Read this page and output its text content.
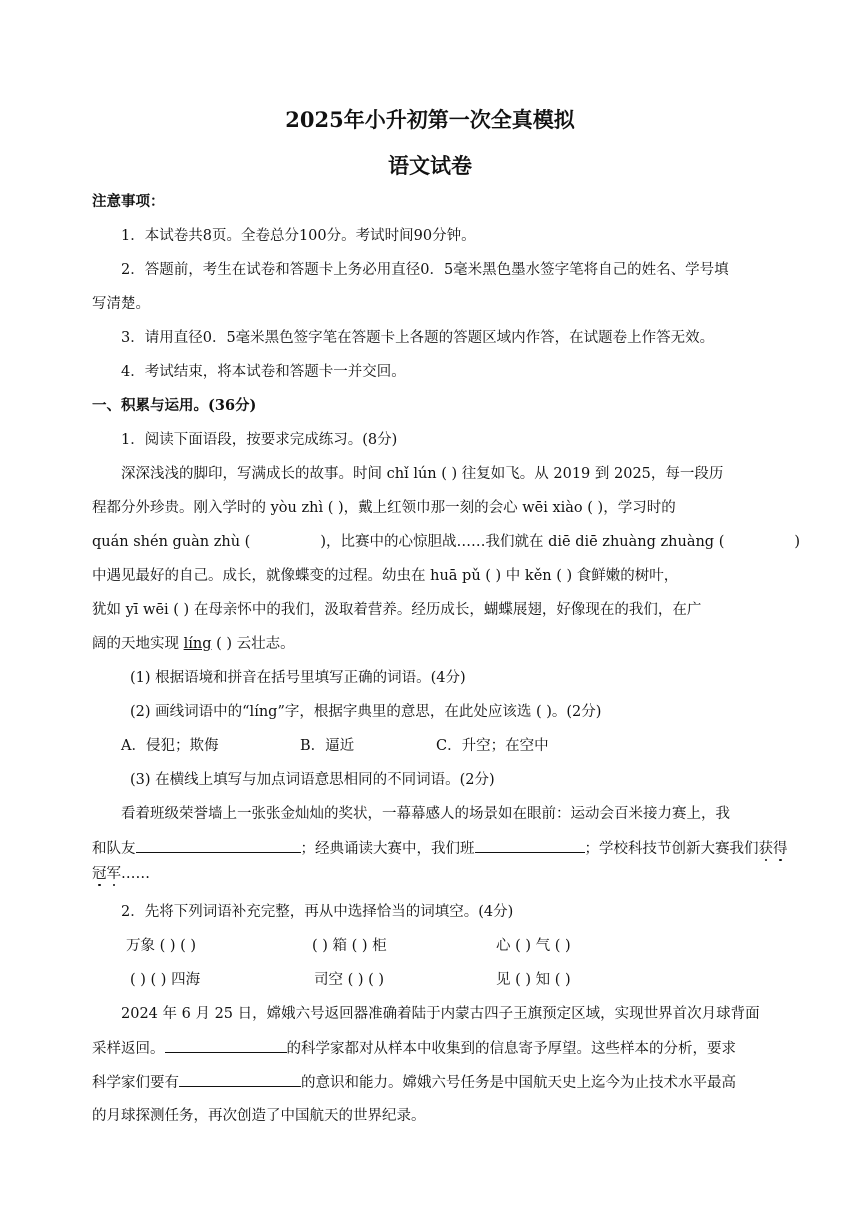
2025年小升初第一次全真模拟
语文试卷
注意事项：
1．本试卷共8页。全卷总分100分。考试时间90分钟。
2．答题前，考生在试卷和答题卡上务必用直径0．5毫米黑色墨水签字笔将自己的姓名、学号填
写清楚。
3．请用直径0．5毫米黑色签字笔在答题卡上各题的答题区域内作答，在试题卷上作答无效。
4．考试结束，将本试卷和答题卡一并交回。
一、积累与运用。(36分)
1．阅读下面语段，按要求完成练习。(8分)
深深浅浅的脚印，写满成长的故事。时间 chǐ lún ( ) 往复如飞。从 2019 到 2025，每一段历
程都分外珍贵。刚入学时的 yòu zhì ( )，戴上红领巾那一刻的会心 wēi xiào ( )，学习时的
quán shén guàn zhù (	)，比赛中的心惊胆战……我们就在 diē diē zhuàng zhuàng (	)
中遇见最好的自己。成长，就像蝶变的过程。幼虫在 huā pǔ ( ) 中 kěn ( ) 食鲜嫩的树叶，
犹如 yī wēi ( ) 在母亲怀中的我们，汲取着营养。经历成长，蝴蝶展翅，好像现在的我们，在广
阔的天地实现 líng ( ) 云壮志。
(1) 根据语境和拼音在括号里填写正确的词语。(4分)
(2) 画线词语中的“líng”字，根据字典里的意思，在此处应该选 ( )。(2分)
A．侵犯；欺侮	B．逼近	C．升空；在空中
(3) 在横线上填写与加点词语意思相同的不同词语。(2分)
看着班级荣誉墙上一张张金灿灿的奖状，一幕幕感人的场景如在眼前：运动会百米接力赛上，我
和队友	；经典诵读大赛中，我们班	；学校科技节创新大赛我们获得
冠军……
2．先将下列词语补充完整，再从中选择恰当的词填空。(4分)
万象 ( ) ( )	( ) 箱 ( ) 柜	心 ( ) 气 ( )
( ) ( ) 四海	司空 ( ) ( )	见 ( ) 知 ( )
2024 年 6 月 25 日，嫦娥六号返回器准确着陆于内蒙古四子王旗预定区域，实现世界首次月球背面
采样返回。	的科学家都对从样本中收集到的信息寄予厚望。这些样本的分析，要求
科学家们要有	的意识和能力。嫦娥六号任务是中国航天史上迄今为止技术水平最高
的月球探测任务，再次创造了中国航天的世界纪录。
